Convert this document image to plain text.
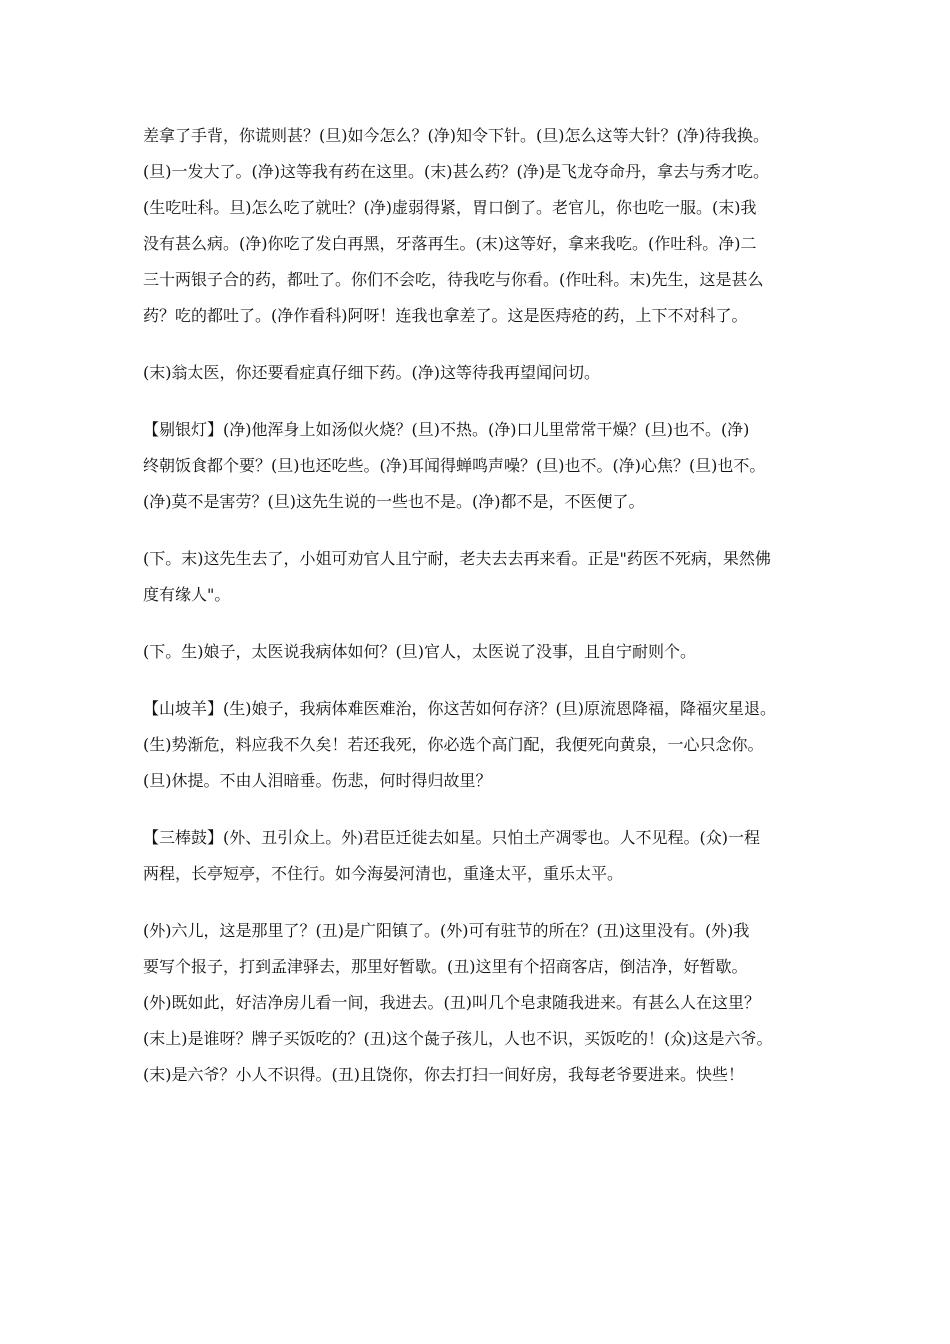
差拿了手背，你谎则甚？(旦)如今怎么？(净)知令下针。(旦)怎么这等大针？(净)待我换。
(旦)一发大了。(净)这等我有药在这里。(末)甚么药？(净)是飞龙夺命丹，拿去与秀才吃。
(生吃吐科。旦)怎么吃了就吐？(净)虚弱得紧，胃口倒了。老官儿，你也吃一服。(末)我
没有甚么病。(净)你吃了发白再黑，牙落再生。(末)这等好，拿来我吃。(作吐科。净)二
三十两银子合的药，都吐了。你们不会吃，待我吃与你看。(作吐科。末)先生，这是甚么
药？吃的都吐了。(净作看科)阿呀！连我也拿差了。这是医痔疮的药，上下不对科了。

(末)翁太医，你还要看症真仔细下药。(净)这等待我再望闻问切。

【剔银灯】(净)他浑身上如汤似火烧？(旦)不热。(净)口儿里常常干燥？(旦)也不。(净)
终朝饭食都个要？(旦)也还吃些。(净)耳闻得蝉鸣声噪？(旦)也不。(净)心焦？(旦)也不。
(净)莫不是害劳？(旦)这先生说的一些也不是。(净)都不是，不医便了。

(下。末)这先生去了，小姐可劝官人且宁耐，老夫去去再来看。正是"药医不死病，果然佛
度有缘人"。

(下。生)娘子，太医说我病体如何？(旦)官人，太医说了没事，且自宁耐则个。

【山坡羊】(生)娘子，我病体难医难治，你这苦如何存济？(旦)原流恩降福，降福灾星退。
(生)势渐危，料应我不久矣！若还我死，你必选个高门配，我便死向黄泉，一心只念你。
(旦)休提。不由人泪暗垂。伤悲，何时得归故里？

【三棒鼓】(外、丑引众上。外)君臣迁徙去如星。只怕土产凋零也。人不见程。(众)一程
两程，长亭短亭，不住行。如今海晏河清也，重逢太平，重乐太平。

(外)六儿，这是那里了？(丑)是广阳镇了。(外)可有驻节的所在？(丑)这里没有。(外)我
要写个报子，打到孟津驿去，那里好暂歇。(丑)这里有个招商客店，倒洁净，好暂歇。
(外)既如此，好洁净房儿看一间，我进去。(丑)叫几个皂隶随我进来。有甚么人在这里？
(末上)是谁呀？牌子买饭吃的？(丑)这个彘子孩儿，人也不识，买饭吃的！(众)这是六爷。
(末)是六爷？小人不识得。(丑)且饶你，你去打扫一间好房，我每老爷要进来。快些！
